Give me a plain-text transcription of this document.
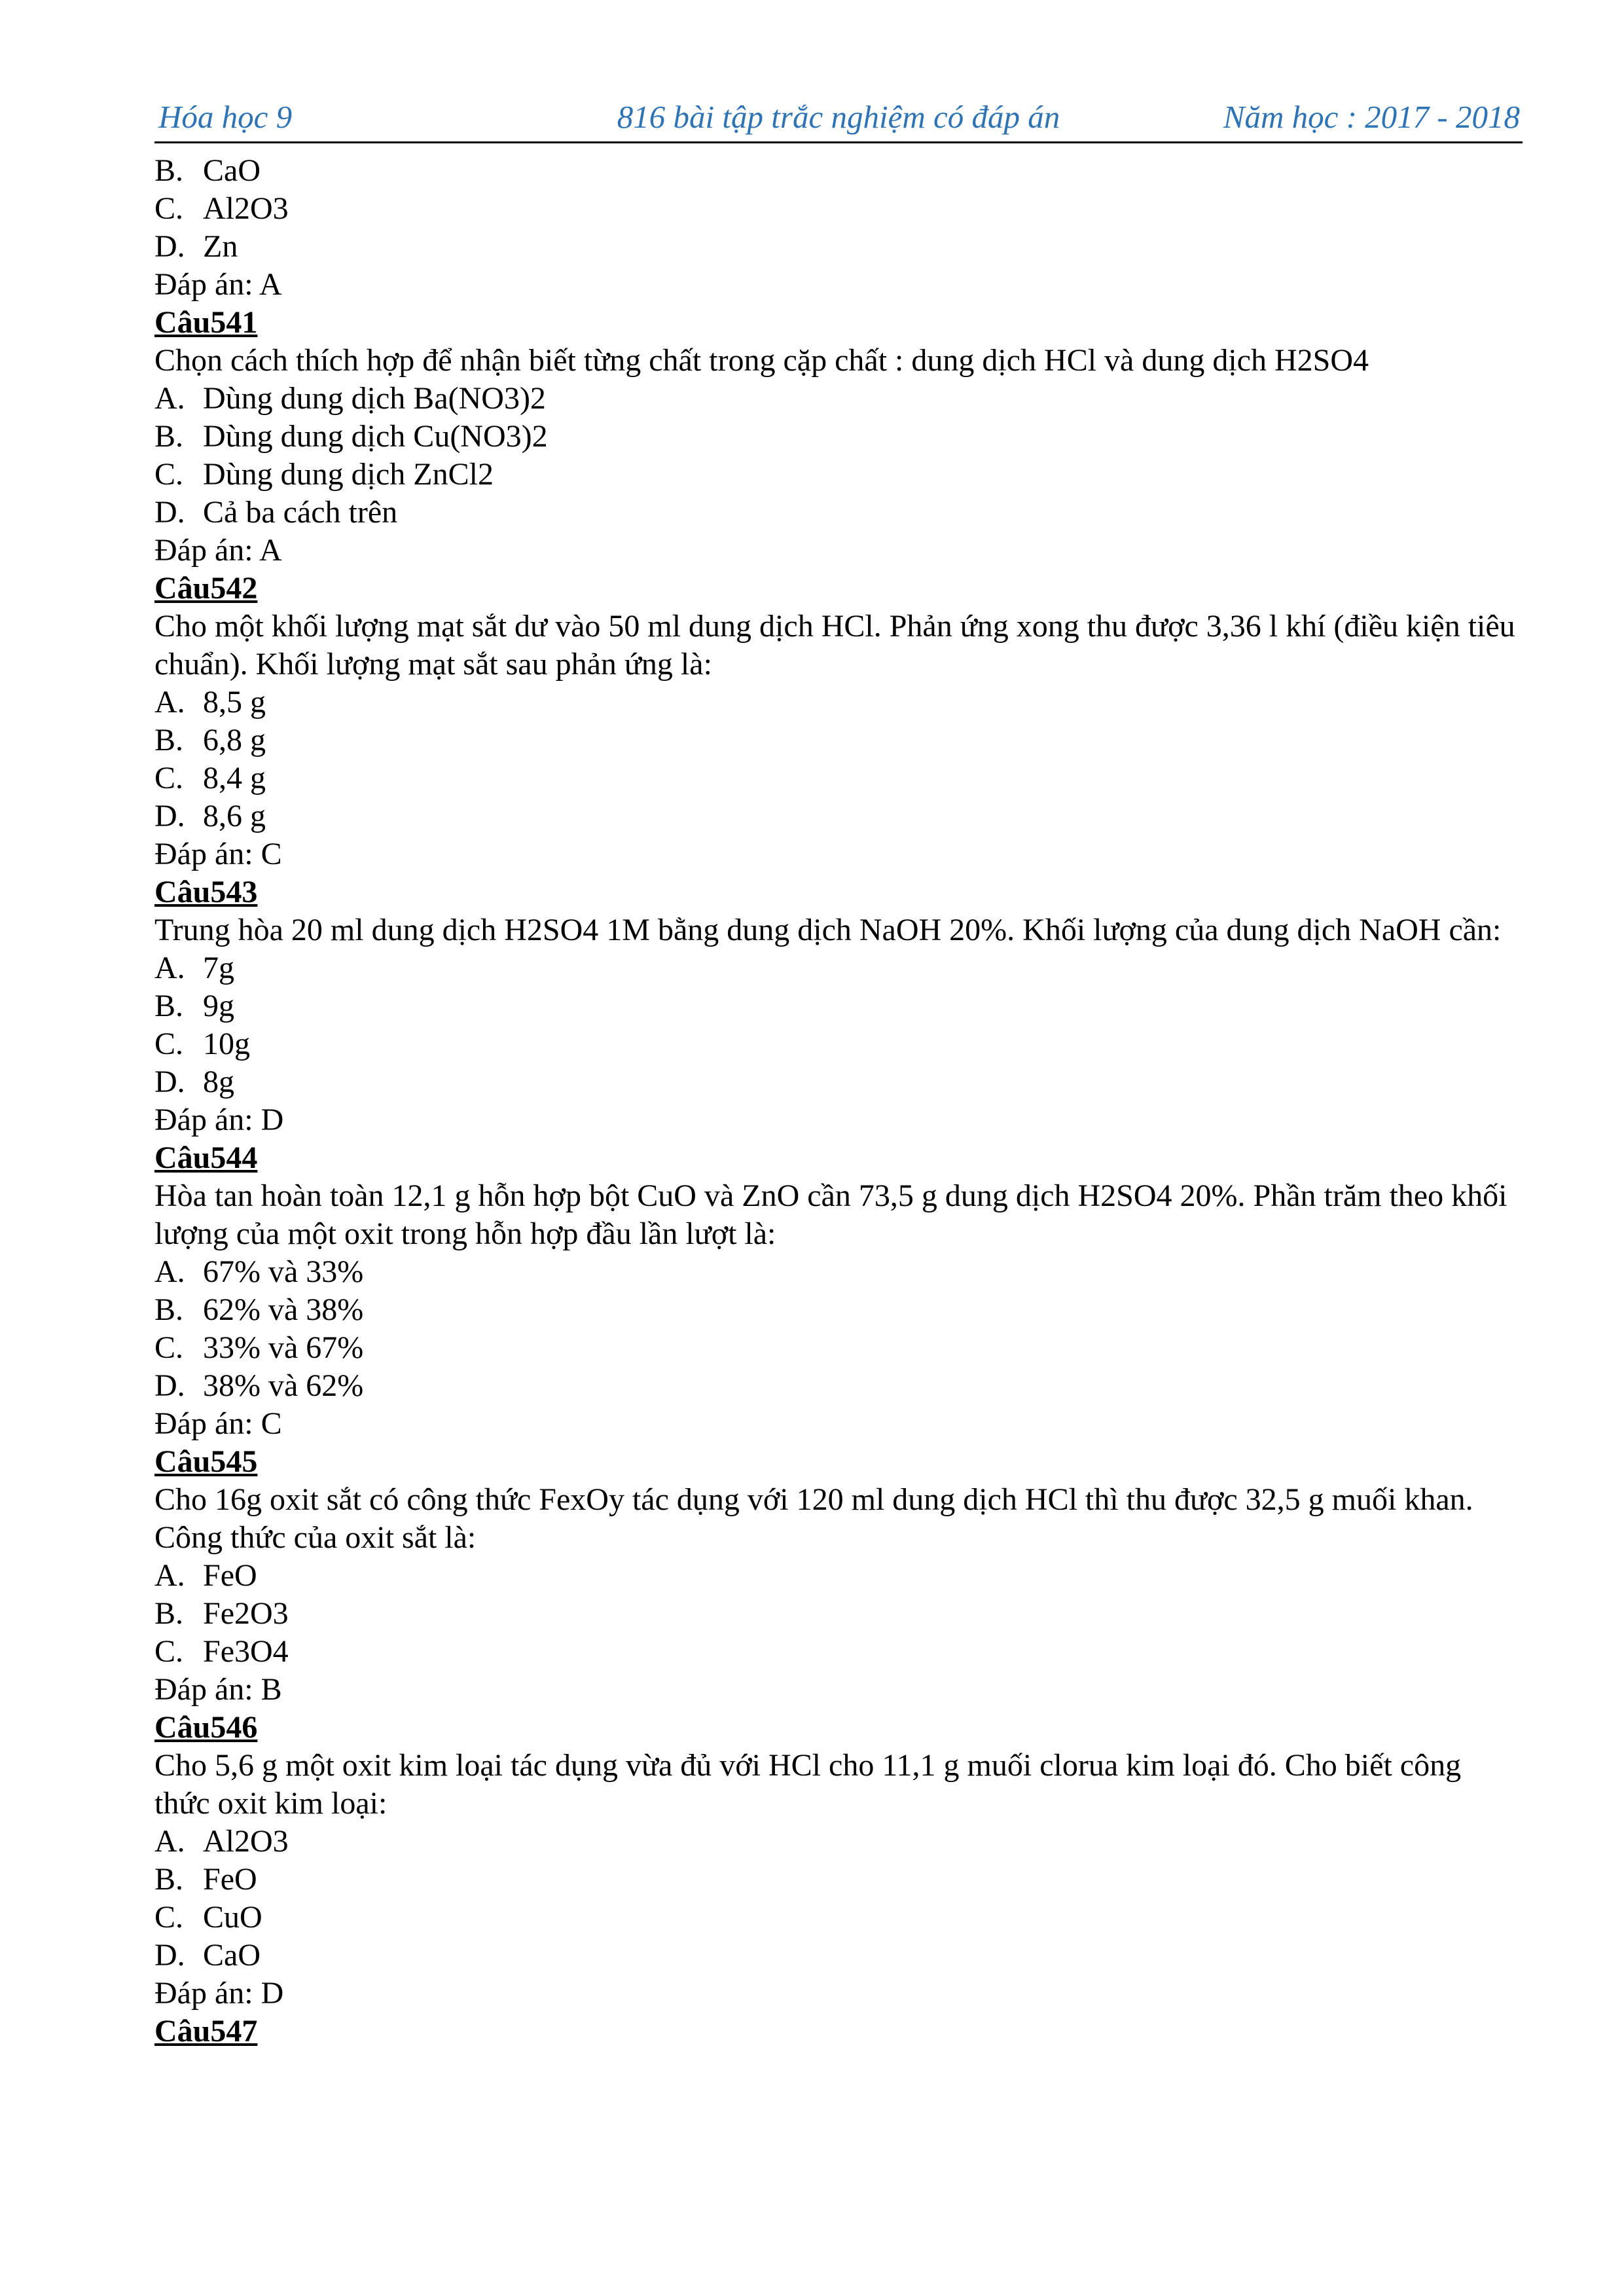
Hóa học 9	816 bài tập trắc nghiệm có đáp án	Năm học : 2017 - 2018
B. CaO
C. Al2O3
D. Zn
Đáp án: A
Câu541
Chọn cách thích hợp để nhận biết từng chất trong cặp chất : dung dịch HCl và dung dịch H2SO4
A. Dùng dung dịch Ba(NO3)2
B. Dùng dung dịch Cu(NO3)2
C. Dùng dung dịch ZnCl2
D. Cả ba cách trên
Đáp án: A
Câu542
Cho một khối lượng mạt sắt dư vào 50 ml dung dịch HCl. Phản ứng xong thu được 3,36 l khí (điều kiện tiêu chuẩn). Khối lượng mạt sắt sau phản ứng là:
A. 8,5 g
B. 6,8 g
C. 8,4 g
D. 8,6 g
Đáp án: C
Câu543
Trung hòa 20 ml dung dịch H2SO4 1M bằng dung dịch NaOH 20%. Khối lượng của dung dịch NaOH cần:
A. 7g
B. 9g
C. 10g
D. 8g
Đáp án: D
Câu544
Hòa tan hoàn toàn 12,1 g hỗn hợp bột CuO và ZnO cần 73,5 g dung dịch H2SO4 20%. Phần trăm theo khối lượng của một oxit trong hỗn hợp đầu lần lượt là:
A. 67% và 33%
B. 62% và 38%
C. 33% và 67%
D. 38% và 62%
Đáp án: C
Câu545
Cho 16g oxit sắt có công thức FexOy tác dụng với 120 ml dung dịch HCl thì thu được 32,5 g muối khan. Công thức của oxit sắt là:
A. FeO
B. Fe2O3
C. Fe3O4
Đáp án: B
Câu546
Cho 5,6 g một oxit kim loại tác dụng vừa đủ với HCl cho 11,1 g muối clorua kim loại đó. Cho biết công thức oxit kim loại:
A. Al2O3
B. FeO
C. CuO
D. CaO
Đáp án: D
Câu547
